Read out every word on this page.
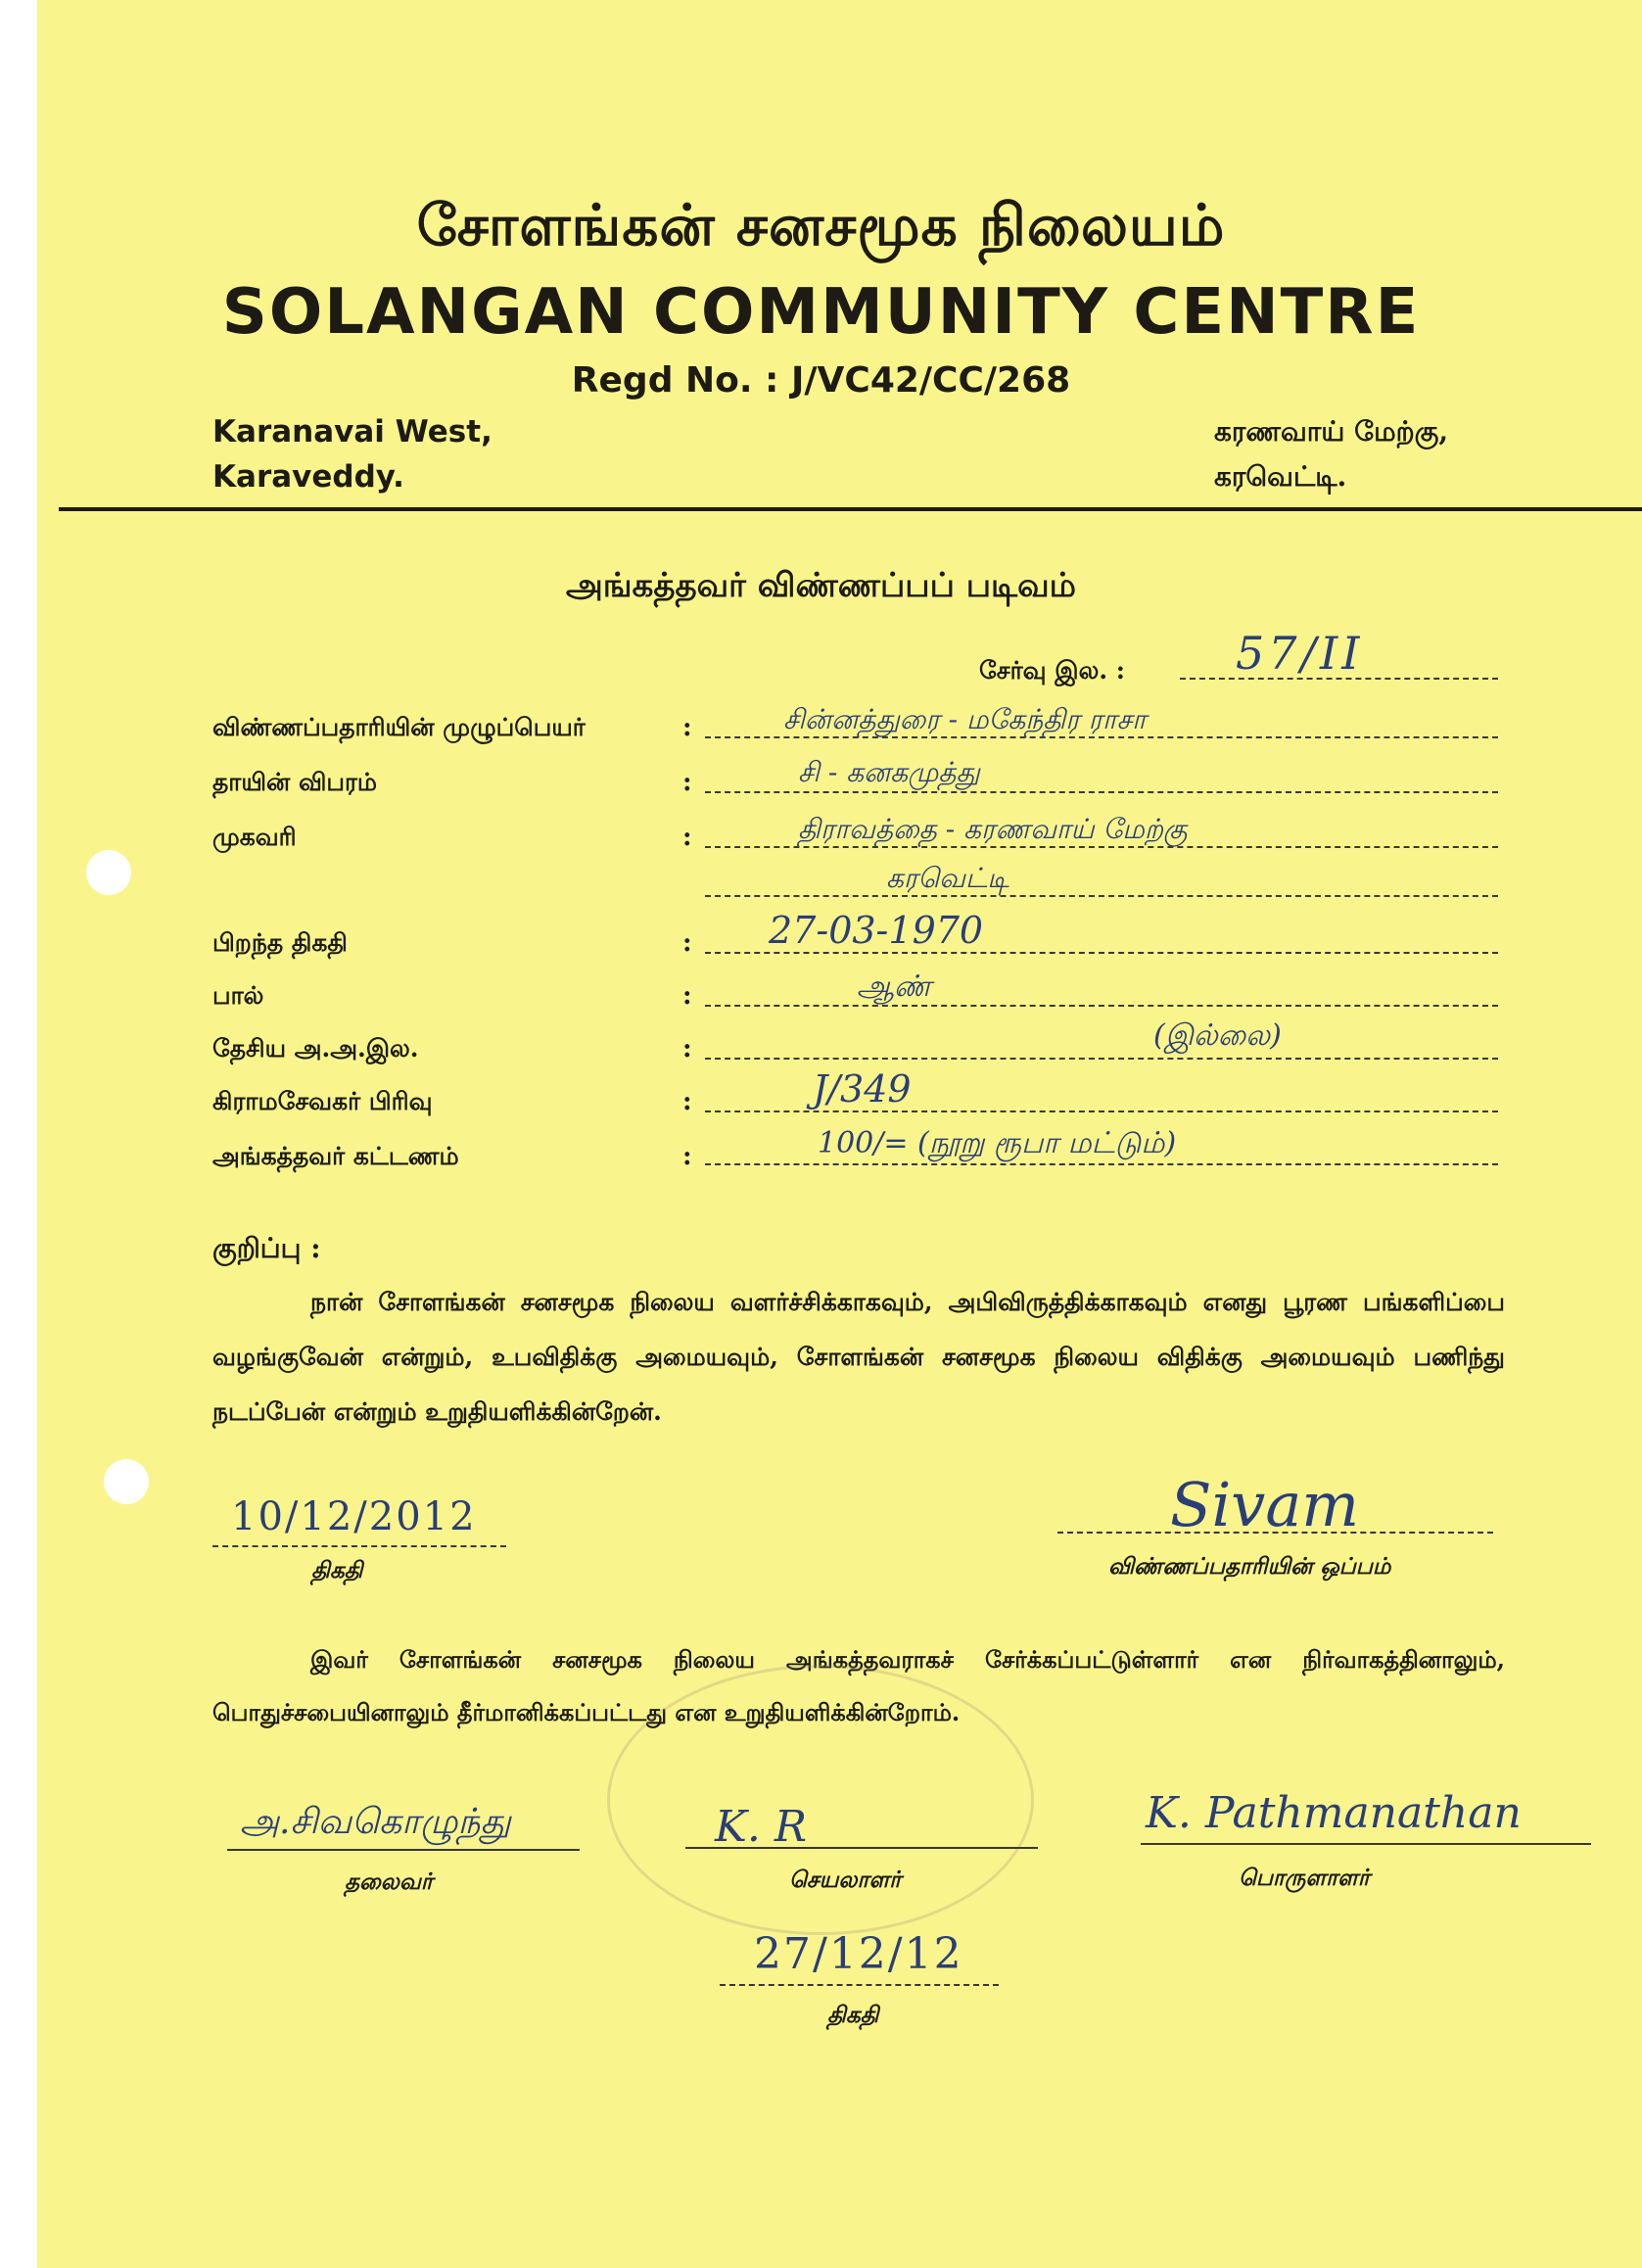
சோளங்கன் சனசமூக நிலையம்
SOLANGAN COMMUNITY CENTRE
Regd No. : J/VC42/CC/268
Karanavai West,
Karaveddy.
கரணவாய் மேற்கு,
கரவெட்டி.
அங்கத்தவர் விண்ணப்பப் படிவம்
சேர்வு இல. : 57/II
விண்ணப்பதாரியின் முழுப்பெயர்	:	சின்னத்துரை - மகேந்திர ராசா
தாயின் விபரம்	:	சி - கனகமுத்து
முகவரி	:	திராவத்தை - கரணவாய் மேற்கு
கரவெட்டி
பிறந்த திகதி	: 27-03-1970
பால்	:	ஆண்
தேசிய அ.அ.இல.	:	(இல்லை)
கிராமசேவகர் பிரிவு	:	J/349
அங்கத்தவர் கட்டணம்	:	100/= (நூறு ரூபா மட்டும்)
குறிப்பு :
நான் சோளங்கன் சனசமூக நிலைய வளர்ச்சிக்காகவும், அபிவிருத்திக்காகவும் எனது பூரண பங்களிப்பை வழங்குவேன் என்றும், உபவிதிக்கு அமையவும், சோளங்கன் சனசமூக நிலைய விதிக்கு அமையவும் பணிந்து நடப்பேன் என்றும் உறுதியளிக்கின்றேன்.
10/12/2012
திகதி
Sivam
விண்ணப்பதாரியின் ஒப்பம்
இவர் சோளங்கன் சனசமூக நிலைய அங்கத்தவராகச் சேர்க்கப்பட்டுள்ளார் என நிர்வாகத்தினாலும், பொதுச்சபையினாலும் தீர்மானிக்கப்பட்டது என உறுதியளிக்கின்றோம்.
அ.சிவகொழுந்து
தலைவர்
K. R
செயலாளர்
K. Pathmanathan
பொருளாளர்
27/12/12
திகதி
